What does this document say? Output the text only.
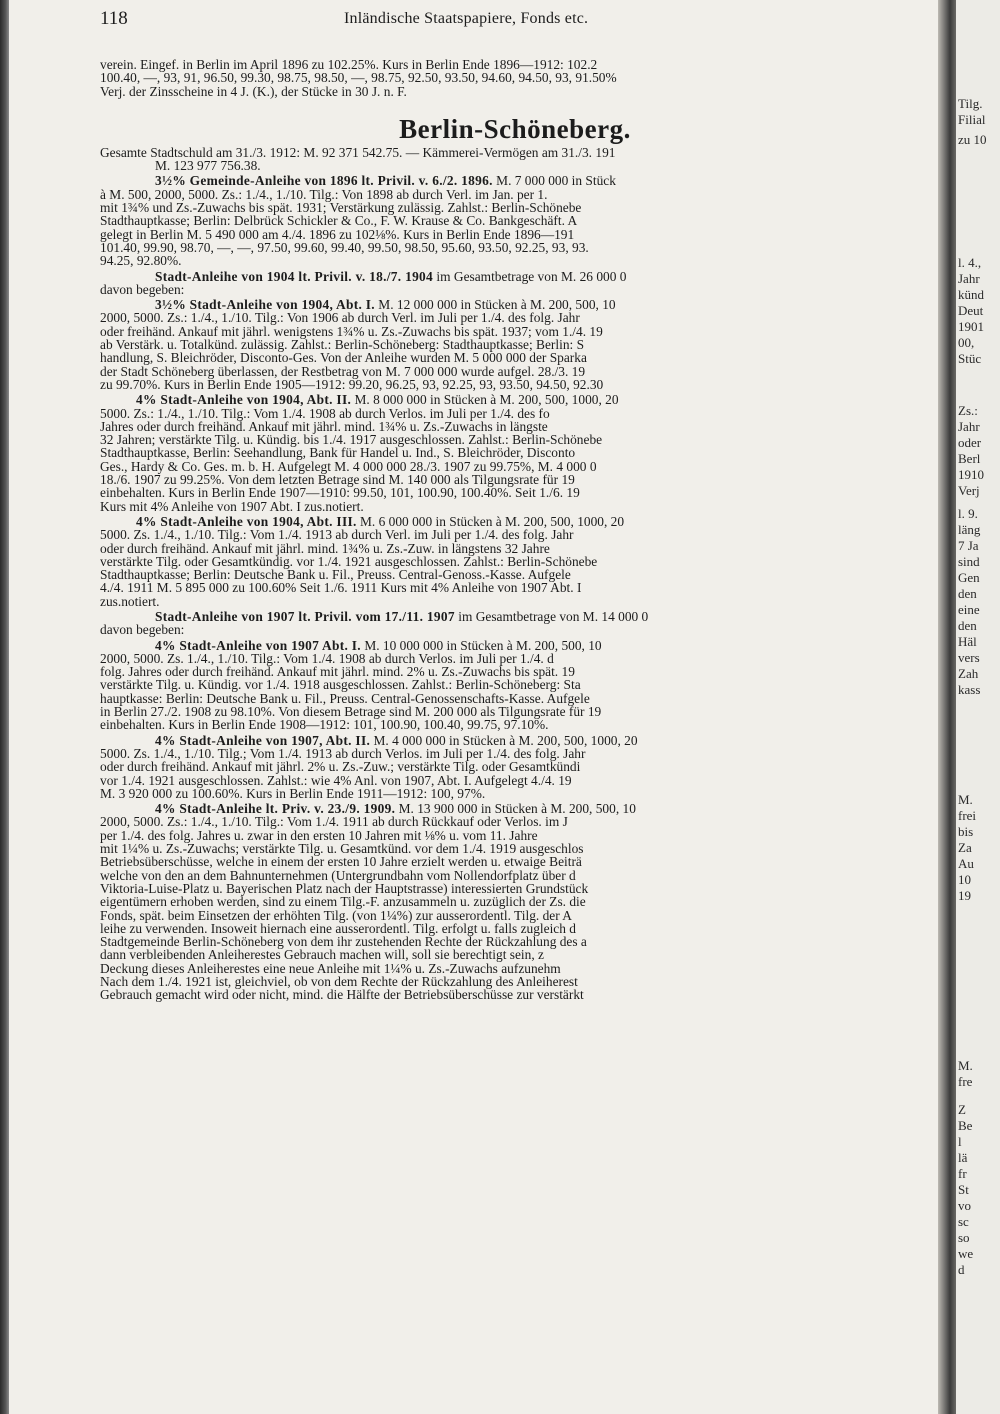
118	Inländische Staatspapiere, Fonds etc.
verein. Eingef. in Berlin im April 1896 zu 102.25%. Kurs in Berlin Ende 1896—1912: 102.2
100.40, —, 93, 91, 96.50, 99.30, 98.75, 98.50, —, 98.75, 92.50, 93.50, 94.60, 94.50, 93, 91.50%
Verj. der Zinsscheine in 4 J. (K.), der Stücke in 30 J. n. F.
Berlin-Schöneberg.
Gesamte Stadtschuld am 31./3. 1912: M. 92 371 542.75. — Kämmerei-Vermögen am 31./3. 191
M. 123 977 756.38.
3½% Gemeinde-Anleihe von 1896 lt. Privil. v. 6./2. 1896. M. 7 000 000 in Stück
à M. 500, 2000, 5000. Zs.: 1./4., 1./10. Tilg.: Von 1898 ab durch Verl. im Jan. per 1.
mit 1¾% und Zs.-Zuwachs bis spät. 1931; Verstärkung zulässig. Zahlst.: Berlin-Schönebe
Stadthauptkasse; Berlin: Delbrück Schickler & Co., F. W. Krause & Co. Bankgeschäft. A
gelegt in Berlin M. 5 490 000 am 4./4. 1896 zu 102⅛%. Kurs in Berlin Ende 1896—191
101.40, 99.90, 98.70, —, —, 97.50, 99.60, 99.40, 99.50, 98.50, 95.60, 93.50, 92.25, 93, 93.
94.25, 92.80%.
Stadt-Anleihe von 1904 lt. Privil. v. 18./7. 1904 im Gesamtbetrage von M. 26 000 0
davon begeben:
3½% Stadt-Anleihe von 1904, Abt. I. M. 12 000 000 in Stücken à M. 200, 500, 10
2000, 5000. Zs.: 1./4., 1./10. Tilg.: Von 1906 ab durch Verl. im Juli per 1./4. des folg. Jahr
oder freihänd. Ankauf mit jährl. wenigstens 1¾% u. Zs.-Zuwachs bis spät. 1937; vom 1./4. 19
ab Verstärk. u. Totalkünd. zulässig. Zahlst.: Berlin-Schöneberg: Stadthauptkasse; Berlin: S
handlung, S. Bleichröder, Disconto-Ges. Von der Anleihe wurden M. 5 000 000 der Sparka
der Stadt Schöneberg überlassen, der Restbetrag von M. 7 000 000 wurde aufgel. 28./3. 19
zu 99.70%. Kurs in Berlin Ende 1905—1912: 99.20, 96.25, 93, 92.25, 93, 93.50, 94.50, 92.30
4% Stadt-Anleihe von 1904, Abt. II. M. 8 000 000 in Stücken à M. 200, 500, 1000, 20
5000. Zs.: 1./4., 1./10. Tilg.: Vom 1./4. 1908 ab durch Verlos. im Juli per 1./4. des fo
Jahres oder durch freihänd. Ankauf mit jährl. mind. 1¾% u. Zs.-Zuwachs in längste
32 Jahren; verstärkte Tilg. u. Kündig. bis 1./4. 1917 ausgeschlossen. Zahlst.: Berlin-Schönebe
Stadthauptkasse, Berlin: Seehandlung, Bank für Handel u. Ind., S. Bleichröder, Disconto
Ges., Hardy & Co. Ges. m. b. H. Aufgelegt M. 4 000 000 28./3. 1907 zu 99.75%, M. 4 000 0
18./6. 1907 zu 99.25%. Von dem letzten Betrage sind M. 140 000 als Tilgungsrate für 19
einbehalten. Kurs in Berlin Ende 1907—1910: 99.50, 101, 100.90, 100.40%. Seit 1./6. 19
Kurs mit 4% Anleihe von 1907 Abt. I zus.notiert.
4% Stadt-Anleihe von 1904, Abt. III. M. 6 000 000 in Stücken à M. 200, 500, 1000, 20
5000. Zs. 1./4., 1./10. Tilg.: Vom 1./4. 1913 ab durch Verl. im Juli per 1./4. des folg. Jahr
oder durch freihänd. Ankauf mit jährl. mind. 1¾% u. Zs.-Zuw. in längstens 32 Jahre
verstärkte Tilg. oder Gesamtkündig. vor 1./4. 1921 ausgeschlossen. Zahlst.: Berlin-Schönebe
Stadthauptkasse; Berlin: Deutsche Bank u. Fil., Preuss. Central-Genoss.-Kasse. Aufgele
4./4. 1911 M. 5 895 000 zu 100.60% Seit 1./6. 1911 Kurs mit 4% Anleihe von 1907 Abt. I
zus.notiert.
Stadt-Anleihe von 1907 lt. Privil. vom 17./11. 1907 im Gesamtbetrage von M. 14 000 0
davon begeben:
4% Stadt-Anleihe von 1907 Abt. I. M. 10 000 000 in Stücken à M. 200, 500, 10
2000, 5000. Zs. 1./4., 1./10. Tilg.: Vom 1./4. 1908 ab durch Verlos. im Juli per 1./4. d
folg. Jahres oder durch freihänd. Ankauf mit jährl. mind. 2% u. Zs.-Zuwachs bis spät. 19
verstärkte Tilg. u. Kündig. vor 1./4. 1918 ausgeschlossen. Zahlst.: Berlin-Schöneberg: Sta
hauptkasse: Berlin: Deutsche Bank u. Fil., Preuss. Central-Genossenschafts-Kasse. Aufgele
in Berlin 27./2. 1908 zu 98.10%. Von diesem Betrage sind M. 200 000 als Tilgungsrate für 19
einbehalten. Kurs in Berlin Ende 1908—1912: 101, 100.90, 100.40, 99.75, 97.10%.
4% Stadt-Anleihe von 1907, Abt. II. M. 4 000 000 in Stücken à M. 200, 500, 1000, 20
5000. Zs. 1./4., 1./10. Tilg.; Vom 1./4. 1913 ab durch Verlos. im Juli per 1./4. des folg. Jahr
oder durch freihänd. Ankauf mit jährl. 2% u. Zs.-Zuw.; verstärkte Tilg. oder Gesamtkündi
vor 1./4. 1921 ausgeschlossen. Zahlst.: wie 4% Anl. von 1907, Abt. I. Aufgelegt 4./4. 19
M. 3 920 000 zu 100.60%. Kurs in Berlin Ende 1911—1912: 100, 97%.
4% Stadt-Anleihe lt. Priv. v. 23./9. 1909. M. 13 900 000 in Stücken à M. 200, 500, 10
2000, 5000. Zs.: 1./4., 1./10. Tilg.: Vom 1./4. 1911 ab durch Rückkauf oder Verlos. im J
per 1./4. des folg. Jahres u. zwar in den ersten 10 Jahren mit ⅛% u. vom 11. Jahre
mit 1¼% u. Zs.-Zuwachs; verstärkte Tilg. u. Gesamtkünd. vor dem 1./4. 1919 ausgeschlos
Betriebsüberschüsse, welche in einem der ersten 10 Jahre erzielt werden u. etwaige Beiträ
welche von den an dem Bahnunternehmen (Untergrundbahn vom Nollendorfplatz über d
Viktoria-Luise-Platz u. Bayerischen Platz nach der Hauptstrasse) interessierten Grundstück
eigentümern erhoben werden, sind zu einem Tilg.-F. anzusammeln u. zuzüglich der Zs. die
Fonds, spät. beim Einsetzen der erhöhten Tilg. (von 1¼%) zur ausserordentl. Tilg. der A
leihe zu verwenden. Insoweit hiernach eine ausserordentl. Tilg. erfolgt u. falls zugleich d
Stadtgemeinde Berlin-Schöneberg von dem ihr zustehenden Rechte der Rückzahlung des a
dann verbleibenden Anleiherestes Gebrauch machen will, soll sie berechtigt sein, z
Deckung dieses Anleiherestes eine neue Anleihe mit 1¼% u. Zs.-Zuwachs aufzunehm
Nach dem 1./4. 1921 ist, gleichviel, ob von dem Rechte der Rückzahlung des Anleiherest
Gebrauch gemacht wird oder nicht, mind. die Hälfte der Betriebsüberschüsse zur verstärkt
Tilg.
Filial
zu 10
l. 4.,
Jahr
künd
Deut
1901
00,
Stüc
Zs.:
Jahr
oder
Berl
1910
Verj
l. 9.
läng
7 Ja
sind
Gen
den
eine
den
Häl
vers
Zah
kass
M.
frei
bis
Za
Au
10
19
M.
fre
Z
Be
l
lä
fr
St
vo
sc
so
we
d
